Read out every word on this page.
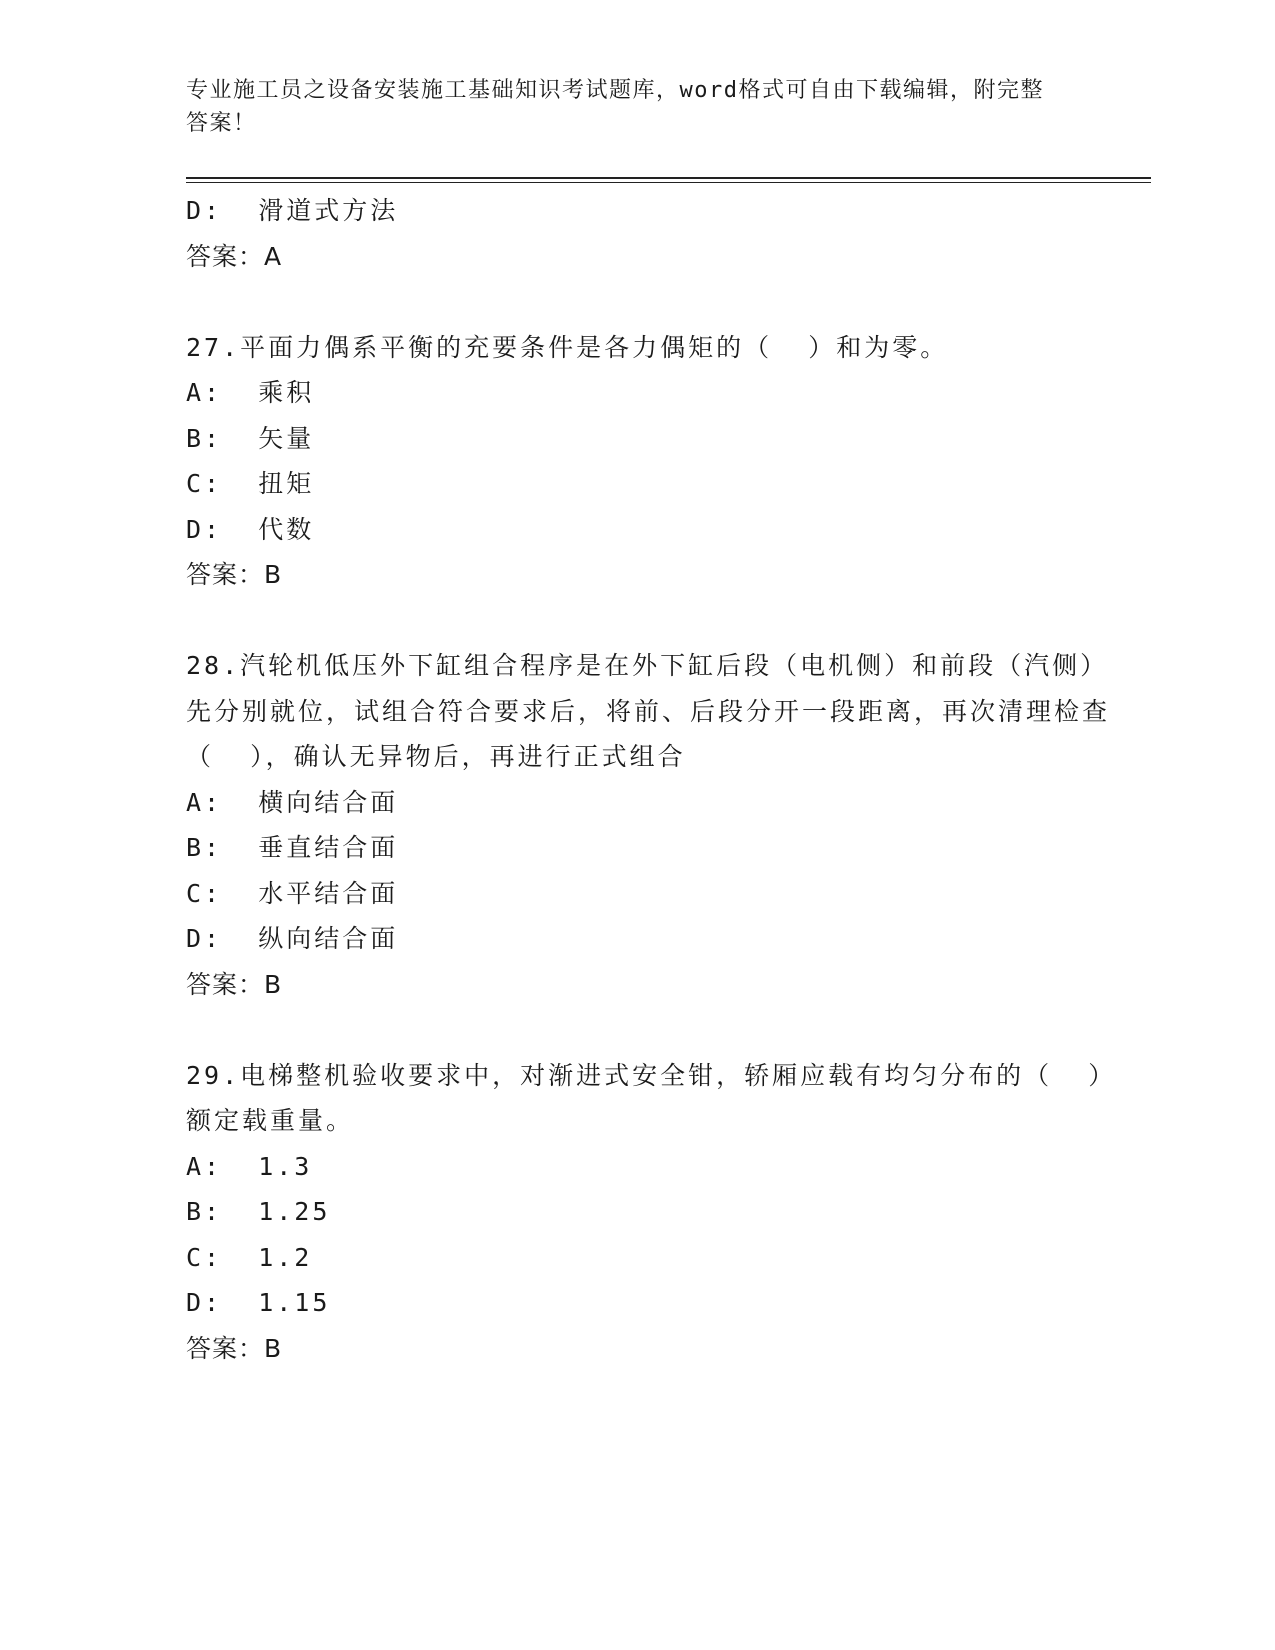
专业施工员之设备安装施工基础知识考试题库，word格式可自由下载编辑，附完整答案！
D:  滑道式方法
答案：A
27.平面力偶系平衡的充要条件是各力偶矩的（  ）和为零。
A:  乘积
B:  矢量
C:  扭矩
D:  代数
答案：B
28.汽轮机低压外下缸组合程序是在外下缸后段（电机侧）和前段（汽侧）先分别就位，试组合符合要求后，将前、后段分开一段距离，再次清理检查（  ），确认无异物后，再进行正式组合
A:  横向结合面
B:  垂直结合面
C:  水平结合面
D:  纵向结合面
答案：B
29.电梯整机验收要求中，对渐进式安全钳，轿厢应载有均匀分布的（  ）额定载重量。
A:  1.3
B:  1.25
C:  1.2
D:  1.15
答案：B
